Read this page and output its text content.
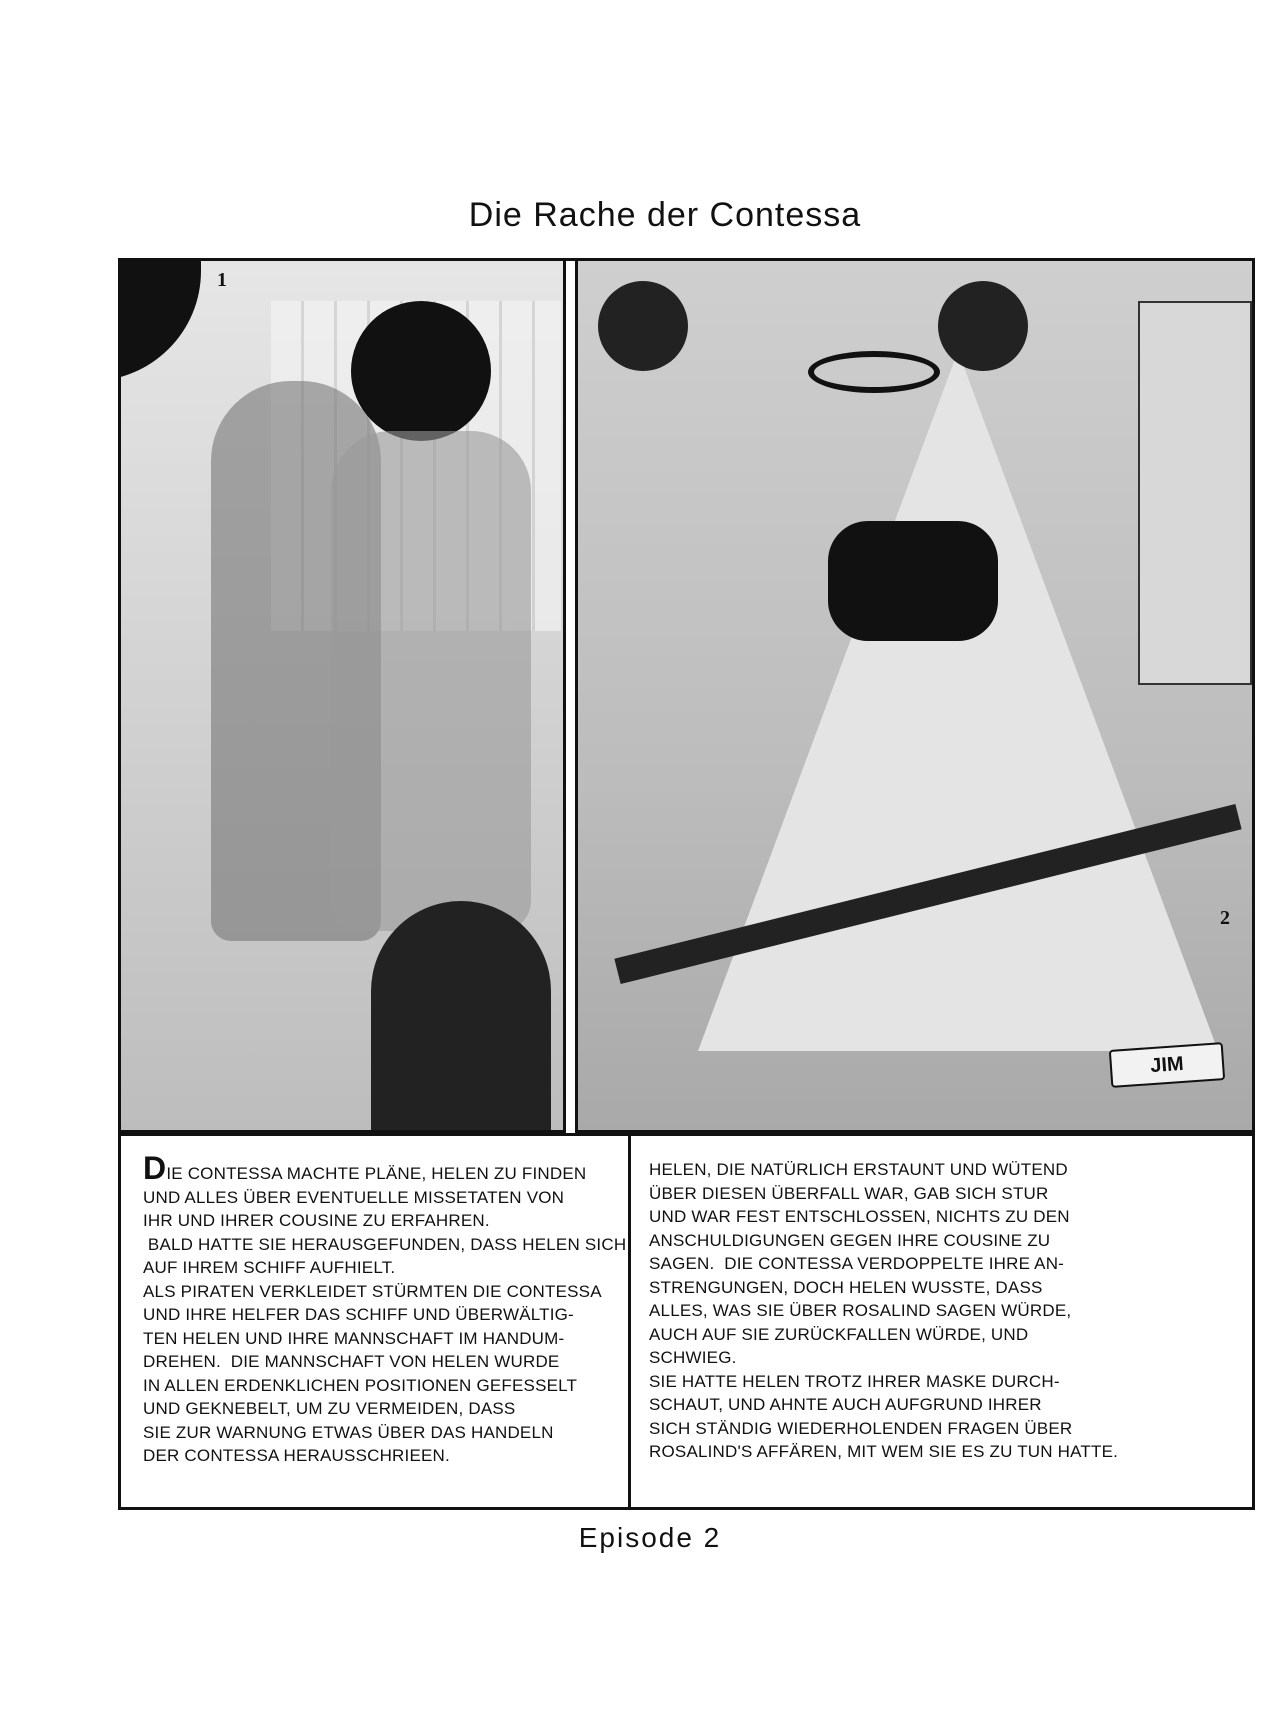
Die Rache der Contessa
1
2
JIM
DIE CONTESSA MACHTE PLÄNE, HELEN ZU FINDEN
UND ALLES ÜBER EVENTUELLE MISSETATEN VON
IHR UND IHRER COUSINE ZU ERFAHREN.
BALD HATTE SIE HERAUSGEFUNDEN, DASS HELEN SICH
AUF IHREM SCHIFF AUFHIELT.
ALS PIRATEN VERKLEIDET STÜRMTEN DIE CONTESSA
UND IHRE HELFER DAS SCHIFF UND ÜBERWÄLTIG-
TEN HELEN UND IHRE MANNSCHAFT IM HANDUM-
DREHEN.  DIE MANNSCHAFT VON HELEN WURDE
IN ALLEN ERDENKLICHEN POSITIONEN GEFESSELT
UND GEKNEBELT, UM ZU VERMEIDEN, DASS
SIE ZUR WARNUNG ETWAS ÜBER DAS HANDELN
DER CONTESSA HERAUSSCHRIEEN.
HELEN, DIE NATÜRLICH ERSTAUNT UND WÜTEND
ÜBER DIESEN ÜBERFALL WAR, GAB SICH STUR
UND WAR FEST ENTSCHLOSSEN, NICHTS ZU DEN
ANSCHULDIGUNGEN GEGEN IHRE COUSINE ZU
SAGEN.  DIE CONTESSA VERDOPPELTE IHRE AN-
STRENGUNGEN, DOCH HELEN WUSSTE, DASS
ALLES, WAS SIE ÜBER ROSALIND SAGEN WÜRDE,
AUCH AUF SIE ZURÜCKFALLEN WÜRDE, UND
SCHWIEG.
SIE HATTE HELEN TROTZ IHRER MASKE DURCH-
SCHAUT, UND AHNTE AUCH AUFGRUND IHRER
SICH STÄNDIG WIEDERHOLENDEN FRAGEN ÜBER
ROSALIND'S AFFÄREN, MIT WEM SIE ES ZU TUN HATTE.
Episode 2
